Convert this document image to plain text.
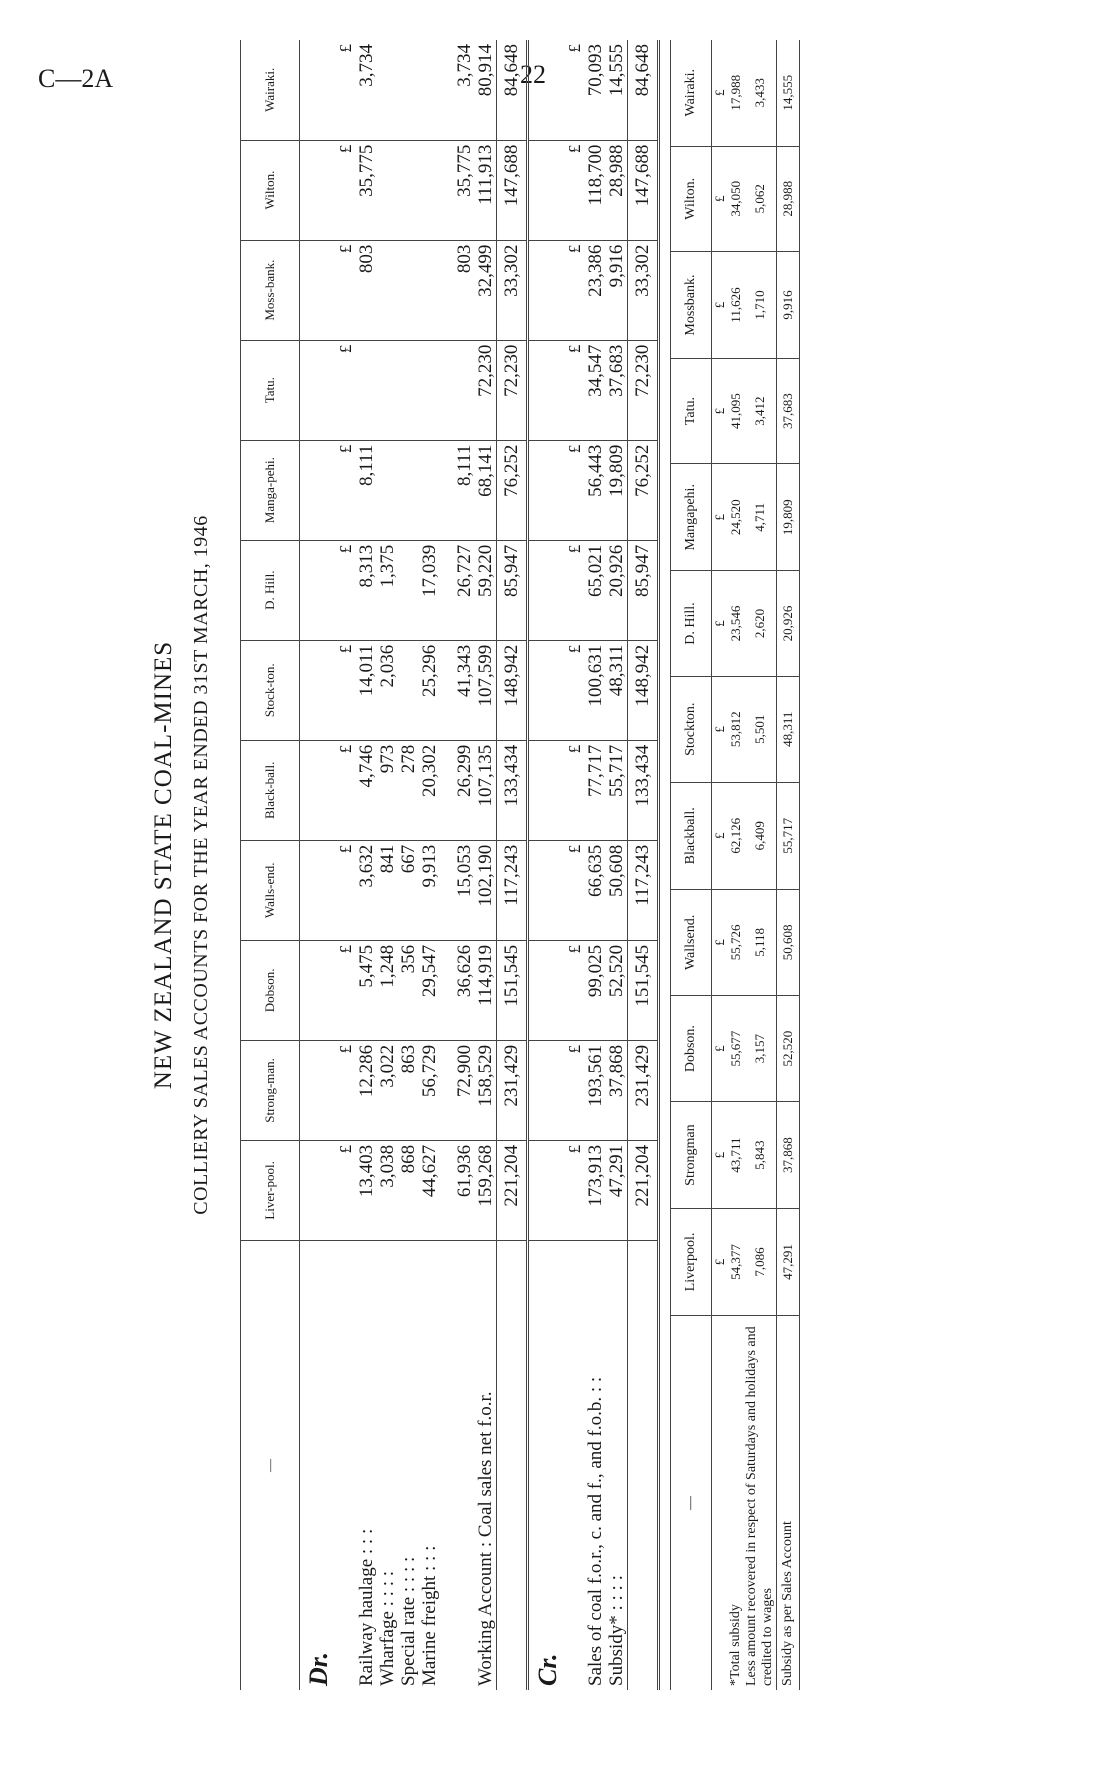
C—2A	22
NEW ZEALAND STATE COAL-MINES COLLIERY SALES ACCOUNTS FOR THE YEAR ENDED 31ST MARCH, 1946
—	Liver-pool.	Strong-man.	Dobson.	Walls-end.	Black-ball.	Stock-ton.	D. Hill.	Manga-pehi.	Tatu.	Moss-bank.	Wilton.	Wairaki.
Dr.												
	£	£	£	£	£	£	£	£	£	£	£	£
Railway haulage : : :	13,403	12,286	5,475	3,632	4,746	14,011	8,313	8,111		803	35,775	3,734
Wharfage : : : :	3,038	3,022	1,248	841	973	2,036	1,375					
Special rate : : : :	868	863	356	667	278							
Marine freight : : :	44,627	56,729	29,547	9,913	20,302	25,296	17,039					

	61,936	72,900	36,626	15,053	26,299	41,343	26,727	8,111		803	35,775	3,734
Working Account : Coal sales net f.o.r.	159,268	158,529	114,919	102,190	107,135	107,599	59,220	68,141	72,230	32,499	111,913	80,914
	221,204	231,429	151,545	117,243	133,434	148,942	85,947	76,252	72,230	33,302	147,688	84,648
Cr.												
	£	£	£	£	£	£	£	£	£	£	£	£
Sales of coal f.o.r., c. and f., and f.o.b. : :	173,913	193,561	99,025	66,635	77,717	100,631	65,021	56,443	34,547	23,386	118,700	70,093
Subsidy* : : : :	47,291	37,868	52,520	50,608	55,717	48,311	20,926	19,809	37,683	9,916	28,988	14,555
	221,204	231,429	151,545	117,243	133,434	148,942	85,947	76,252	72,230	33,302	147,688	84,648
—	Liverpool.	Strongman	Dobson.	Wallsend.	Blackball.	Stockton.	D. Hill.	Mangapehi.	Tatu.	Mossbank.	Wilton.	Wairaki.
	£	£	£	£	£	£	£	£	£	£	£	£
*Total subsidy	54,377	43,711	55,677	55,726	62,126	53,812	23,546	24,520	41,095	11,626	34,050	17,988
Less amount recovered in respect of Saturdays and holidays and credited to wages	7,086	5,843	3,157	5,118	6,409	5,501	2,620	4,711	3,412	1,710	5,062	3,433
Subsidy as per Sales Account	47,291	37,868	52,520	50,608	55,717	48,311	20,926	19,809	37,683	9,916	28,988	14,555
